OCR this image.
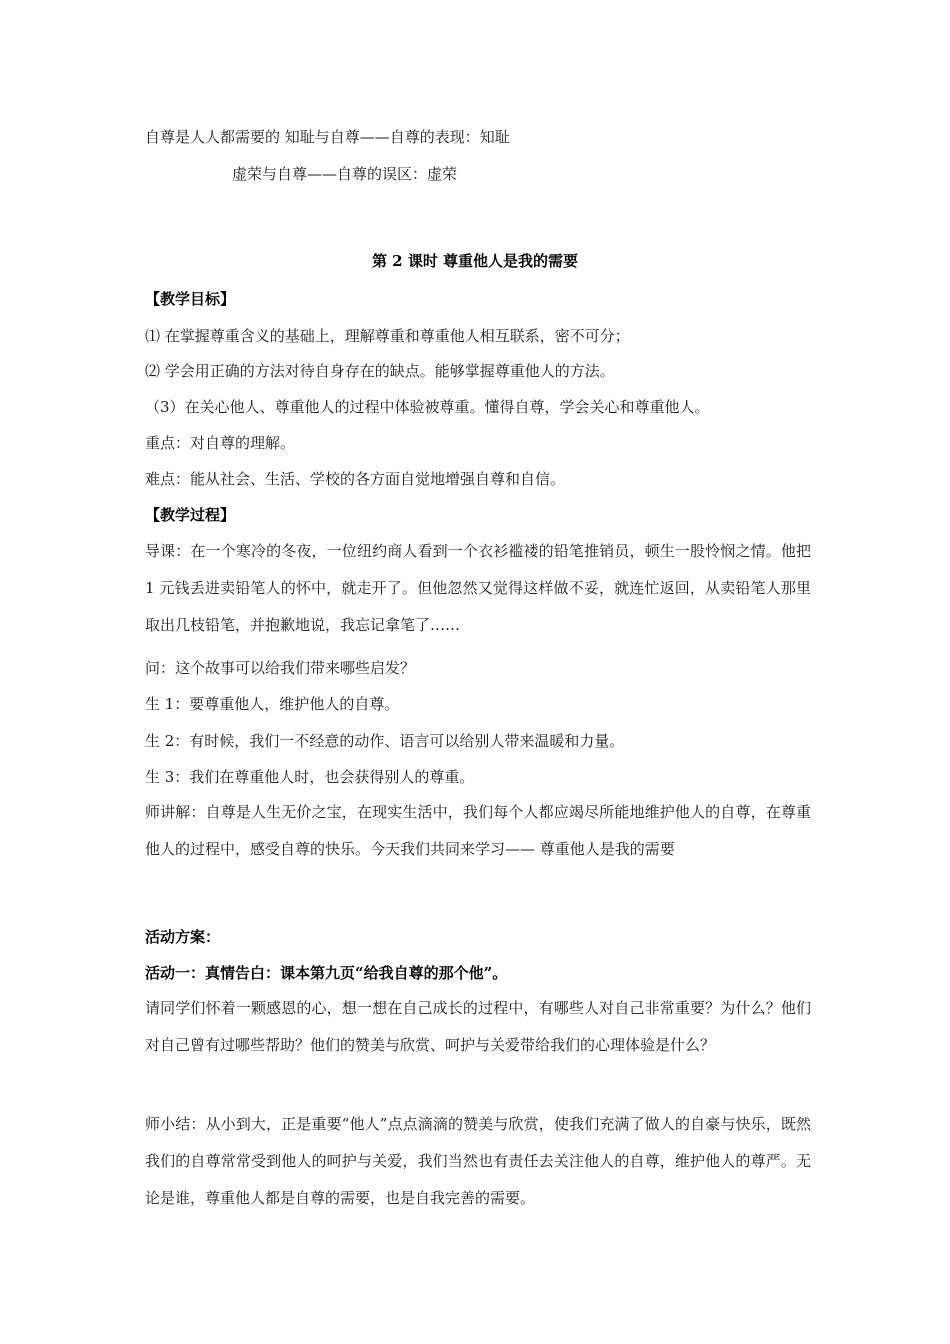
自尊是人人都需要的 知耻与自尊——自尊的表现：知耻
虚荣与自尊——自尊的误区：虚荣
第 2 课时 尊重他人是我的需要
【教学目标】
⑴ 在掌握尊重含义的基础上，理解尊重和尊重他人相互联系，密不可分；
⑵ 学会用正确的方法对待自身存在的缺点。能够掌握尊重他人的方法。
（3）在关心他人、尊重他人的过程中体验被尊重。懂得自尊，学会关心和尊重他人。
重点：对自尊的理解。
难点：能从社会、生活、学校的各方面自觉地增强自尊和自信。
【教学过程】
导课：在一个寒冷的冬夜，一位纽约商人看到一个衣衫褴褛的铅笔推销员，顿生一股怜悯之情。他把 1 元钱丢进卖铅笔人的怀中，就走开了。但他忽然又觉得这样做不妥，就连忙返回，从卖铅笔人那里取出几枝铅笔，并抱歉地说，我忘记拿笔了……
问：这个故事可以给我们带来哪些启发？
生 1：要尊重他人，维护他人的自尊。
生 2：有时候，我们一不经意的动作、语言可以给别人带来温暖和力量。
生 3：我们在尊重他人时，也会获得别人的尊重。
师讲解：自尊是人生无价之宝，在现实生活中，我们每个人都应竭尽所能地维护他人的自尊，在尊重他人的过程中，感受自尊的快乐。今天我们共同来学习—— 尊重他人是我的需要
活动方案：
活动一：真情告白：课本第九页“给我自尊的那个他”。
请同学们怀着一颗感恩的心，想一想在自己成长的过程中，有哪些人对自己非常重要？为什么？他们对自己曾有过哪些帮助？他们的赞美与欣赏、呵护与关爱带给我们的心理体验是什么？
师小结：从小到大，正是重要“他人”点点滴滴的赞美与欣赏，使我们充满了做人的自豪与快乐，既然我们的自尊常常受到他人的呵护与关爱，我们当然也有责任去关注他人的自尊，维护他人的尊严。无论是谁，尊重他人都是自尊的需要，也是自我完善的需要。
